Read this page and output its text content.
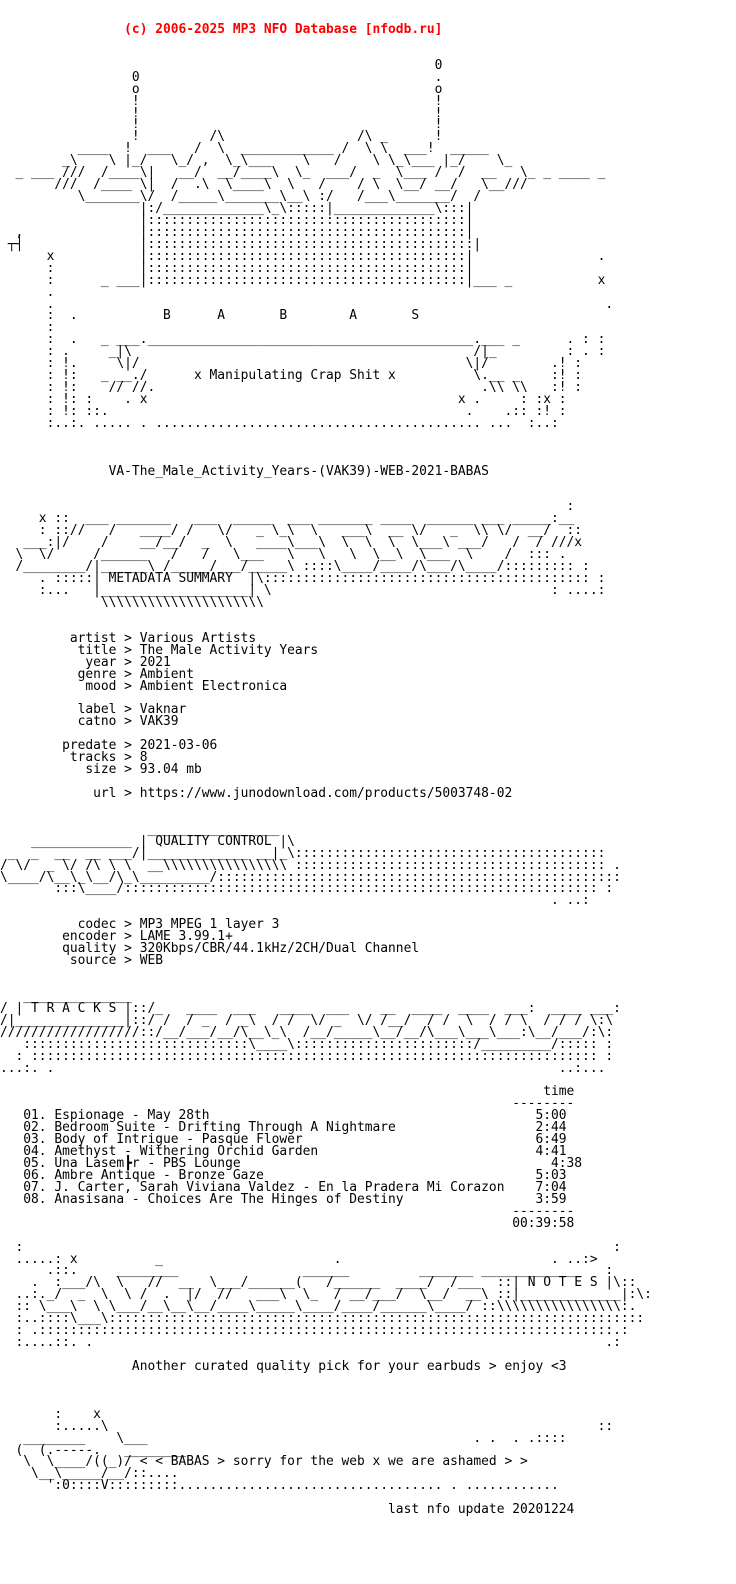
(c) 2006-2025 MP3 NFO Database [nfodb.ru]

0
0                                      .
o                                      o
!                                      !
!                                      !
!                                      !
!         /\                 /\ _      !
____  !  ___   /  \  ____________ /  \ \  ___!  _____
_\    \ |_/   \_/ ,  \_\___    \   /    \ \_\___ |_/    \_
_ ___ ///  /____\|   __/  __/____\  \_  ___/  _  \___ /  /  __   \_ _ ____ _
///  /____ \|  /  .\  \____\  \   /    / \  \__/ __/   \__///
\_______\/  /_____\_______\__\ :/   /___\_______/  /
|:/_____________\_\:::::|_____________\:::|
|:::::::::::::::::::::::::::::::::::::::::|
,               |:::::::::::::::::::::::::::::::::::::::::|
┬┤               |::::::::::::::::::::::::::::::::::::::::::|
x           |:::::::::::::::::::::::::::::::::::::::::|                .
:           |:::::::::::::::::::::::::::::::::::::::::|
:      _ ___|:::::::::::::::::::::::::::::::::::::::::|___ _           x
.
.                                                                       .
:  .           B      A       B        A       S
:
:  .   _ ___.__________________________________________.___ _      . : :
: .     _|\                                            /|_         : . :
: !.     \|/                                          \|/        .! :
: !:   _ __./      x Manipulating Crap Shit x          \.__ _    :! :
: !:    // //.                                          .\\ \\   :! :
: !: :    . x                                        x .     : :x :
: !: ::.                                              .    .:: :! :
:..:. ..... . .......................................... ...  :..:

VA-The_Male_Activity_Years-(VAK39)-WEB-2021-BABAS

:
x ::  ___ _______   ___  _____  ___ _______ ____  ______ ___ _____:__
: :://   /   ____/ /   \/   _ \_\  \   ___\  __ \/   _  \\ \/  __/  ::
___:|/    /    __/__/  _  \   ____\___\  \  \  \  \___\ ___/   /  / ///x
\  \/     /______   /   /   \___   \   \   \  \__\  \___  \    /  ::: .
/________/|______\_/_____/___/_____\ ::::\____/____/\___/\____/::::::::: :
. :::::| METADATA SUMMARY  |\:::::::::::::::::::::::::::::::::::::::::: :
:...   |___________________| \                                    : ....:
\\\\\\\\\\\\\\\\\\\\\

artist > Various Artists
title > The Male Activity Years
year > 2021
genre > Ambient
mood > Ambient Electronica

label > Vaknar
catno > VAK39

predate > 2021-03-06
tracks > 8
size > 93.04 mb

url > https://www.junodownload.com/products/5003748-02

_________________
_____________ | QUALITY CONTROL |\
_  _  __  __ ___/|_____________ __|_\::::::::::::::::::::::::::::::::::::::::
/ \/  _ \/ /\ \ \  __\\\\\\\\\\\\\\\\ :::::::::::::::::::::::::::::::::::::::: .
\____/\__\_\__/\_\_________/::::::::::::::::::::::::::::::::::::::::::::::::::::
:::\____/::::::::::::::::::::::::::::::::::::::::::::::::::::::::::::: :
. ..:

codec > MP3 MPEG 1 layer 3
encoder > LAME 3.99.1+
quality > 320Kbps/CBR/44.1kHz/2CH/Dual Channel
source > WEB

______________
/ | T R A C K S |::/_   ____  ___   ____  ___    __  ____  ____  ___:  ____ ___:
/|______________|::/ /  / _  / _\  / /  \/ _  \/ /__/  / /  \  / / \  / / / \:\
//////////////////::/__/___/__/\__\_\  /__/_____\__/__/\___\___\___:\__/___/:\:
:::::::::::::::::::::::::::::\____\:::::::::::::::::::::::/_________/::::: :
: ::::::::::::::::::::::::::::::::::::::::::::::::::::::::::::::::::::::::: :
...:. .                                                                 ..:...

time
--------
01. Espionage - May 28th                                          5:00
02. Bedroom Suite - Drifting Through A Nightmare                  2:44
03. Body of Intrigue - Pasque Flower                              6:49
04. Amethyst - Withering Orchid Garden                            4:41
05. Una Lasem┣r - PBS Lounge                                        4:38
06. Ambre Antique - Bronze Gaze                                   5:03
07. J. Carter, Sarah Viviana Valdez - En la Pradera Mi Corazon    7:04
08. Anasisana - Choices Are The Hinges of Destiny                 3:59
--------
00:39:58

:                                                                            :
.....: x          _                      .                           . ..:>
.::.     ________                ______         _______ _____________   :
.  :___/\  \   //  __  \___/______(   /______  ____/  /___  ::| N O T E S |\::
..:._/  _  \  \ /  .  |/  //   ___\  \_  / __/___/  \__/  __\ ::|_____________|:\:
:: \___\  \ \___/__\__\__/____\_____\____/____/______\____/ ::\\\\\\\\\\\\\\\\:.
:..::::\___\:::::::::::::::::::::::::::::::::::::::::::::::::::::::::::::::::::::
: .::::::::::::::::::::::::::::::::::::::::::::::::::::::::::::::::::::::::::.:
:....::. .                                                                  .:

Another curated quality pick for your earbuds > enjoy <3

:    x
:.....\                                                               ::
________    \___                                          . .  . .::::
(  (.-----.   ________
\  \____/((_)/ < < BABAS > sorry for the web x we are ashamed > >
\__\_____/__/::....
':0::::V:::::::::.................................. . ............

last nfo update 20201224
